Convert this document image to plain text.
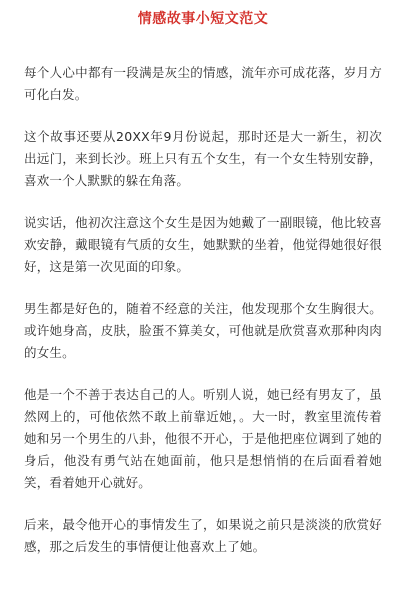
情感故事小短文范文

每个人心中都有一段满是灰尘的情感，流年亦可成花落，岁月方可化白发。

这个故事还要从20XX年9月份说起，那时还是大一新生，初次出远门，来到长沙。班上只有五个女生，有一个女生特别安静，喜欢一个人默默的躲在角落。

说实话，他初次注意这个女生是因为她戴了一副眼镜，他比较喜欢安静，戴眼镜有气质的女生，她默默的坐着，他觉得她很好很好，这是第一次见面的印象。

男生都是好色的，随着不经意的关注，他发现那个女生胸很大。或许她身高，皮肤，脸蛋不算美女，可他就是欣赏喜欢那种肉肉的女生。

他是一个不善于表达自己的人。听别人说，她已经有男友了，虽然网上的，可他依然不敢上前靠近她，。大一时，教室里流传着她和另一个男生的八卦，他很不开心，于是他把座位调到了她的身后，他没有勇气站在她面前，他只是想悄悄的在后面看着她笑，看着她开心就好。

后来，最令他开心的事情发生了，如果说之前只是淡淡的欣赏好感，那之后发生的事情便让他喜欢上了她。
